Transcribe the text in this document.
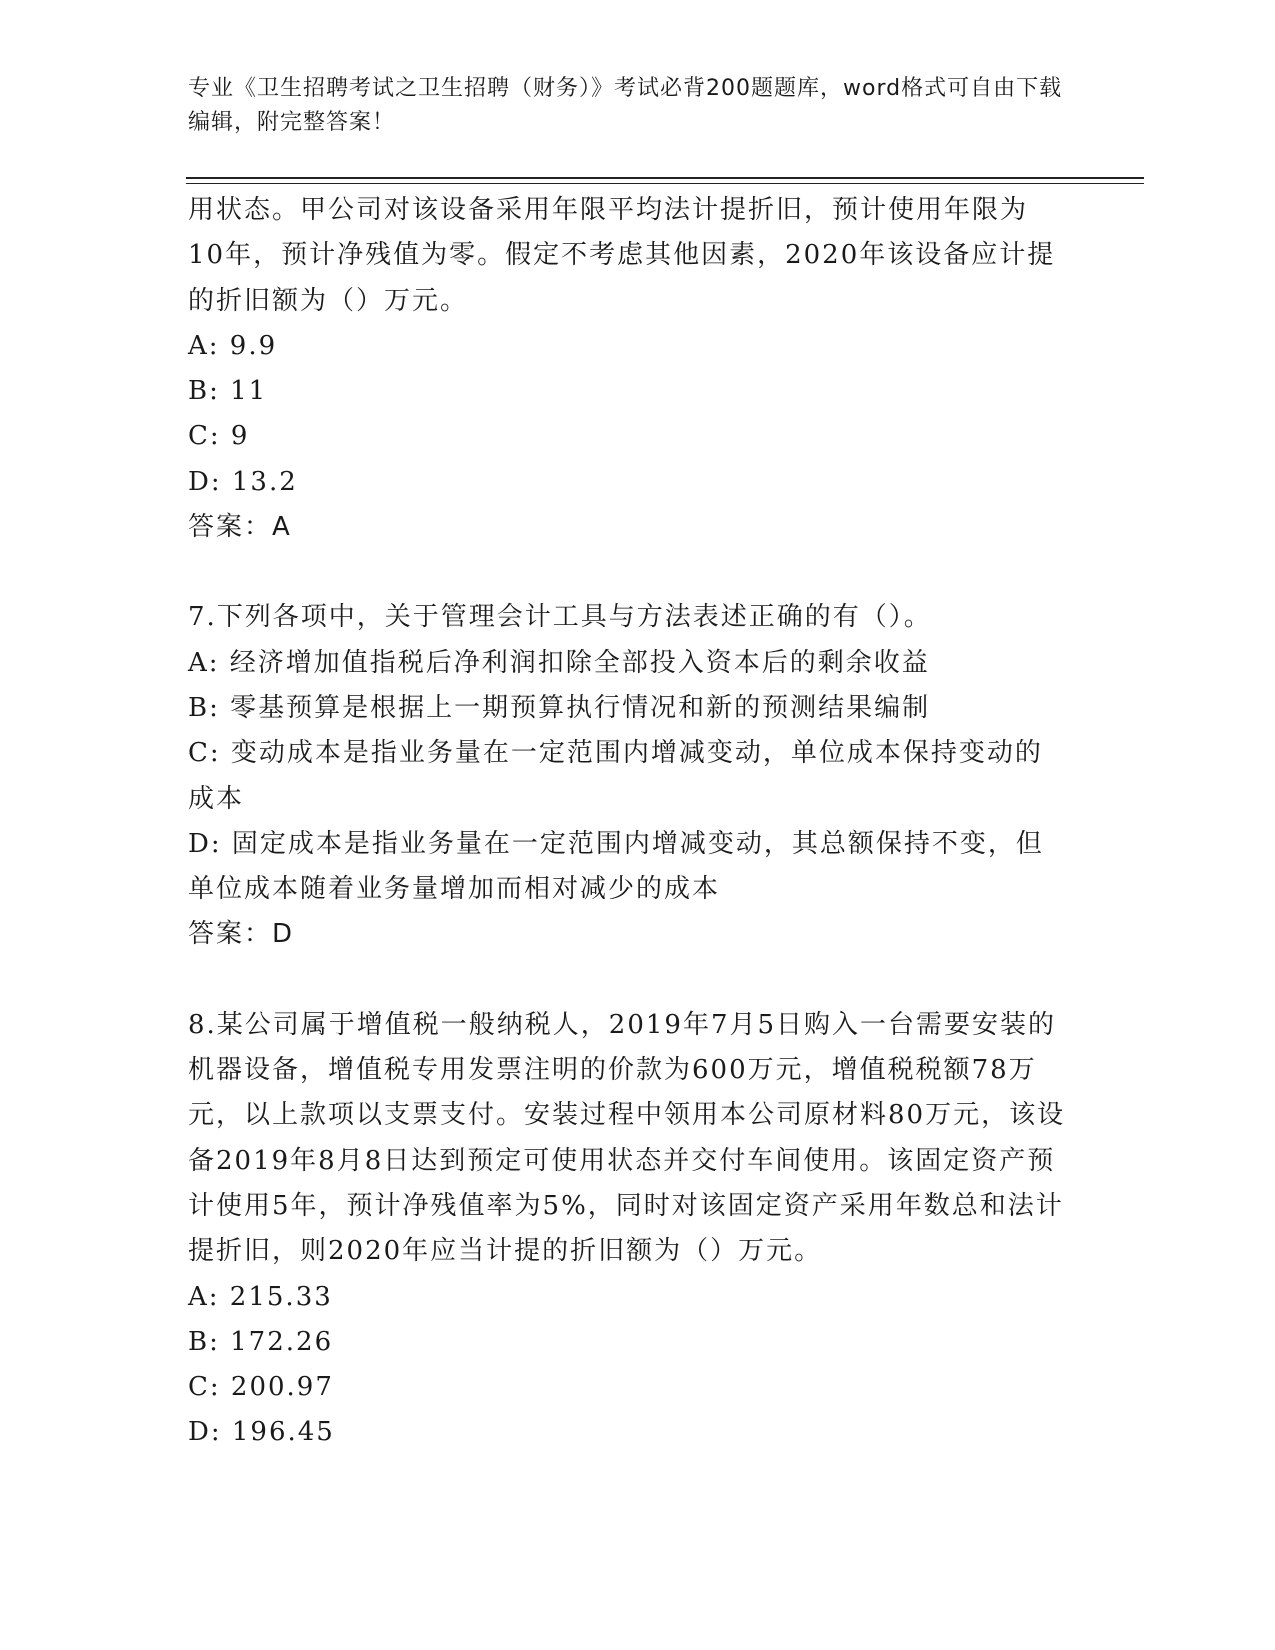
专业《卫生招聘考试之卫生招聘（财务）》考试必背200题题库，word格式可自由下载编辑，附完整答案！

用状态。甲公司对该设备采用年限平均法计提折旧，预计使用年限为

10年，预计净残值为零。假定不考虑其他因素，2020年该设备应计提

的折旧额为（）万元。

A: 9.9

B: 11

C: 9

D: 13.2

答案：A

7.下列各项中，关于管理会计工具与方法表述正确的有（）。

A: 经济增加值指税后净利润扣除全部投入资本后的剩余收益

B: 零基预算是根据上一期预算执行情况和新的预测结果编制

C: 变动成本是指业务量在一定范围内增减变动，单位成本保持变动的成本

D: 固定成本是指业务量在一定范围内增减变动，其总额保持不变，但单位成本随着业务量增加而相对减少的成本

答案：D

8.某公司属于增值税一般纳税人，2019年7月5日购入一台需要安装的机器设备，增值税专用发票注明的价款为600万元，增值税税额78万元，以上款项以支票支付。安装过程中领用本公司原材料80万元，该设备2019年8月8日达到预定可使用状态并交付车间使用。该固定资产预计使用5年，预计净残值率为5%，同时对该固定资产采用年数总和法计提折旧，则2020年应当计提的折旧额为（）万元。

A: 215.33

B: 172.26

C: 200.97

D: 196.45
